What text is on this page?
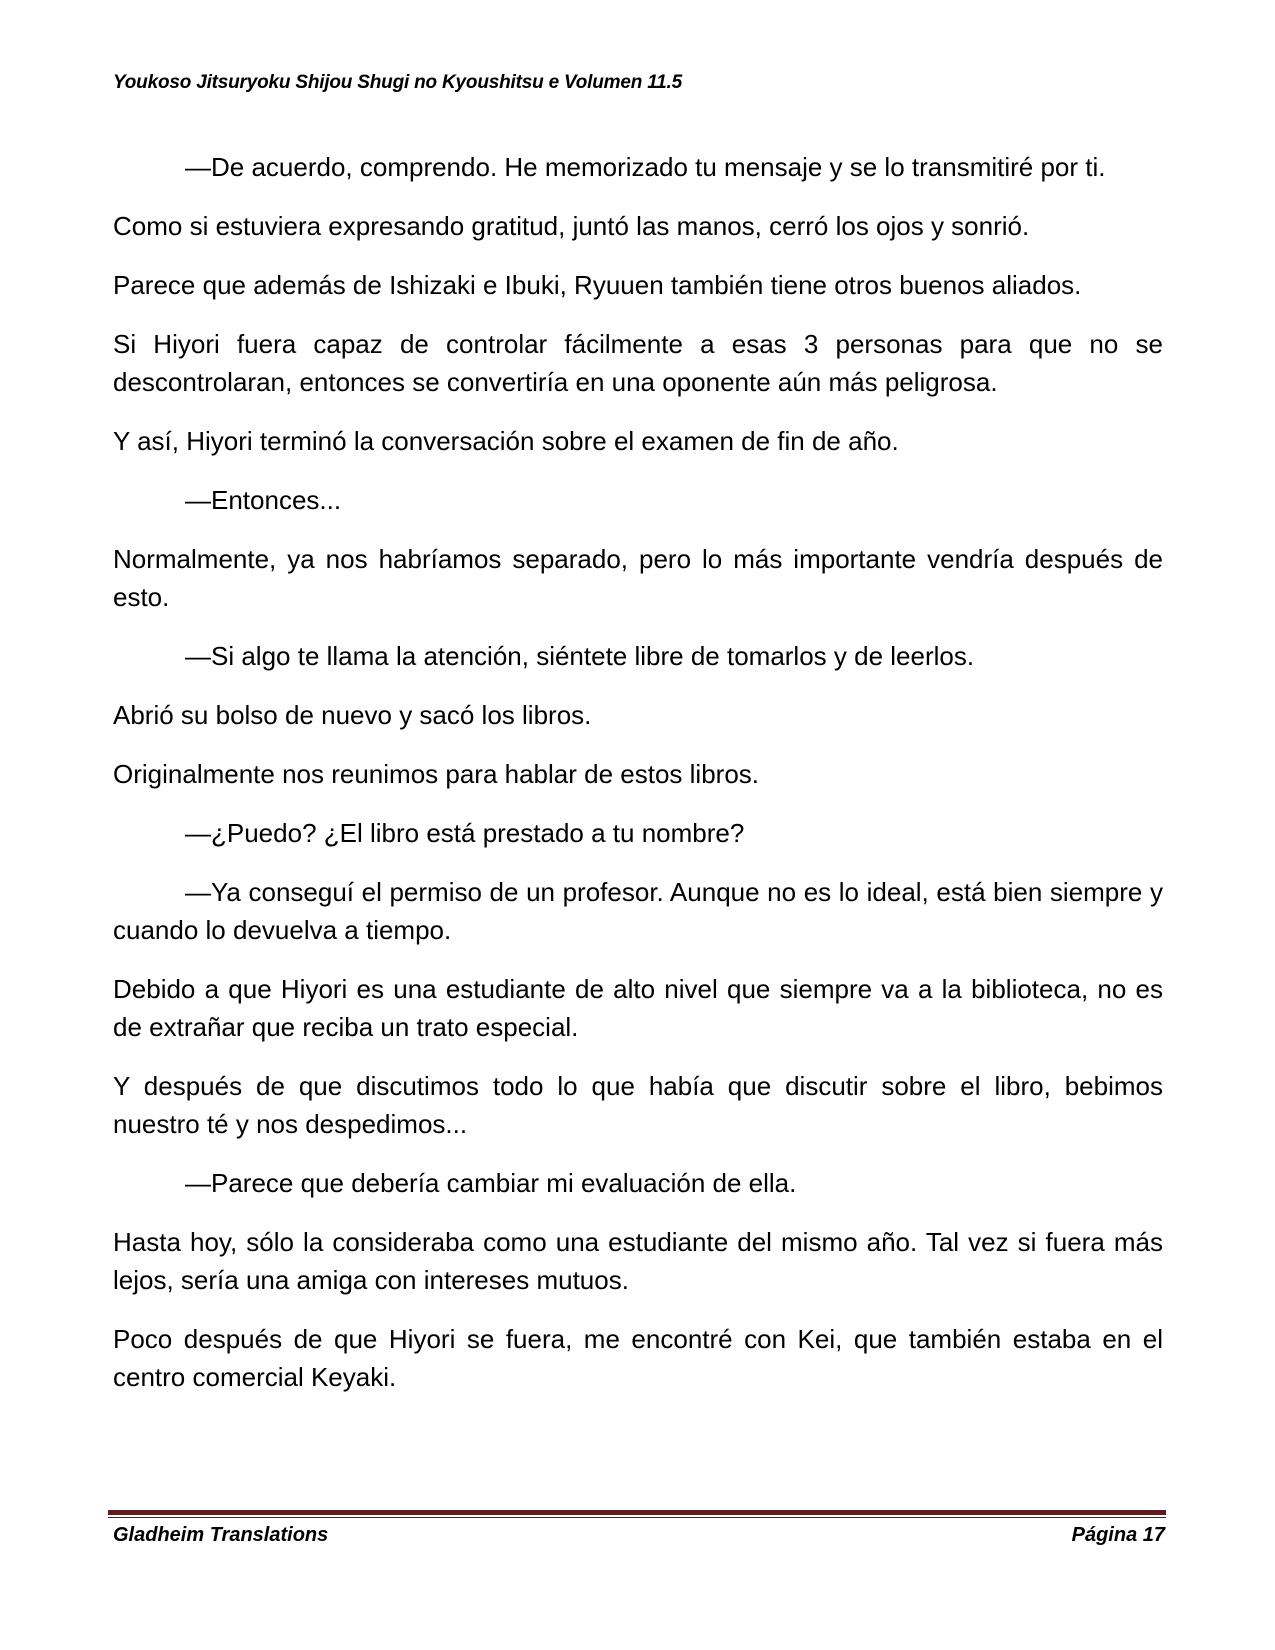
Youkoso Jitsuryoku Shijou Shugi no Kyoushitsu e Volumen 11.5

—De acuerdo, comprendo. He memorizado tu mensaje y se lo transmitiré por ti.

Como si estuviera expresando gratitud, juntó las manos, cerró los ojos y sonrió.

Parece que además de Ishizaki e Ibuki, Ryuuen también tiene otros buenos aliados.

Si Hiyori fuera capaz de controlar fácilmente a esas 3 personas para que no se descontrolaran, entonces se convertiría en una oponente aún más peligrosa.

Y así, Hiyori terminó la conversación sobre el examen de fin de año.

—Entonces...

Normalmente, ya nos habríamos separado, pero lo más importante vendría después de esto.

—Si algo te llama la atención, siéntete libre de tomarlos y de leerlos.

Abrió su bolso de nuevo y sacó los libros.

Originalmente nos reunimos para hablar de estos libros.

—¿Puedo? ¿El libro está prestado a tu nombre?

—Ya conseguí el permiso de un profesor. Aunque no es lo ideal, está bien siempre y cuando lo devuelva a tiempo.

Debido a que Hiyori es una estudiante de alto nivel que siempre va a la biblioteca, no es de extrañar que reciba un trato especial.

Y después de que discutimos todo lo que había que discutir sobre el libro, bebimos nuestro té y nos despedimos...

—Parece que debería cambiar mi evaluación de ella.

Hasta hoy, sólo la consideraba como una estudiante del mismo año. Tal vez si fuera más lejos, sería una amiga con intereses mutuos.

Poco después de que Hiyori se fuera, me encontré con Kei, que también estaba en el centro comercial Keyaki.

Gladheim Translations	Página 17
